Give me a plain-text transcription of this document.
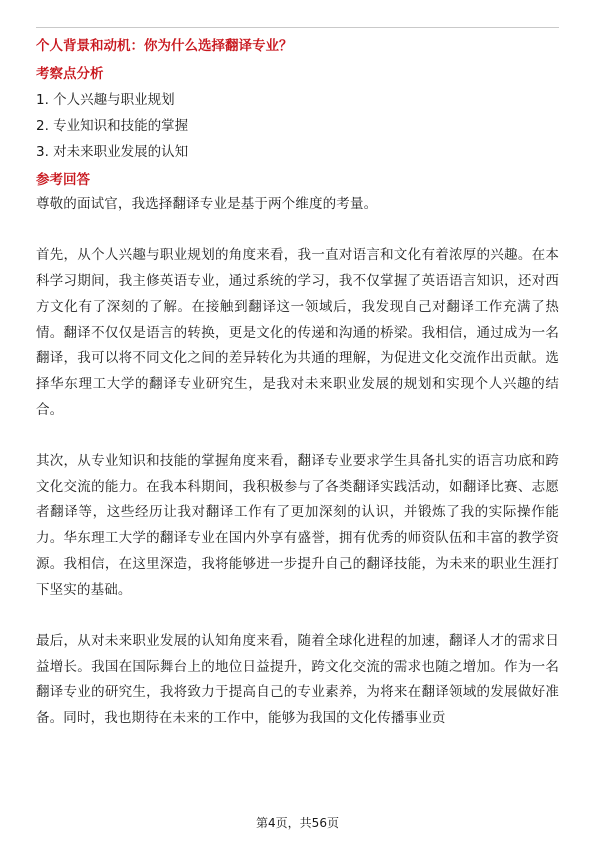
个人背景和动机：你为什么选择翻译专业？
考察点分析
1. 个人兴趣与职业规划
2. 专业知识和技能的掌握
3. 对未来职业发展的认知
参考回答

尊敬的面试官，我选择翻译专业是基于两个维度的考量。

首先，从个人兴趣与职业规划的角度来看，我一直对语言和文化有着浓厚的兴趣。在本科学习期间，我主修英语专业，通过系统的学习，我不仅掌握了英语语言知识，还对西方文化有了深刻的了解。在接触到翻译这一领域后，我发现自己对翻译工作充满了热情。翻译不仅仅是语言的转换，更是文化的传递和沟通的桥梁。我相信，通过成为一名翻译，我可以将不同文化之间的差异转化为共通的理解，为促进文化交流作出贡献。选择华东理工大学的翻译专业研究生，是我对未来职业发展的规划和实现个人兴趣的结合。

其次，从专业知识和技能的掌握角度来看，翻译专业要求学生具备扎实的语言功底和跨文化交流的能力。在我本科期间，我积极参与了各类翻译实践活动，如翻译比赛、志愿者翻译等，这些经历让我对翻译工作有了更加深刻的认识，并锻炼了我的实际操作能力。华东理工大学的翻译专业在国内外享有盛誉，拥有优秀的师资队伍和丰富的教学资源。我相信，在这里深造，我将能够进一步提升自己的翻译技能，为未来的职业生涯打下坚实的基础。

最后，从对未来职业发展的认知角度来看，随着全球化进程的加速，翻译人才的需求日益增长。我国在国际舞台上的地位日益提升，跨文化交流的需求也随之增加。作为一名翻译专业的研究生，我将致力于提高自己的专业素养，为将来在翻译领域的发展做好准备。同时，我也期待在未来的工作中，能够为我国的文化传播事业贡

第4页，共56页
